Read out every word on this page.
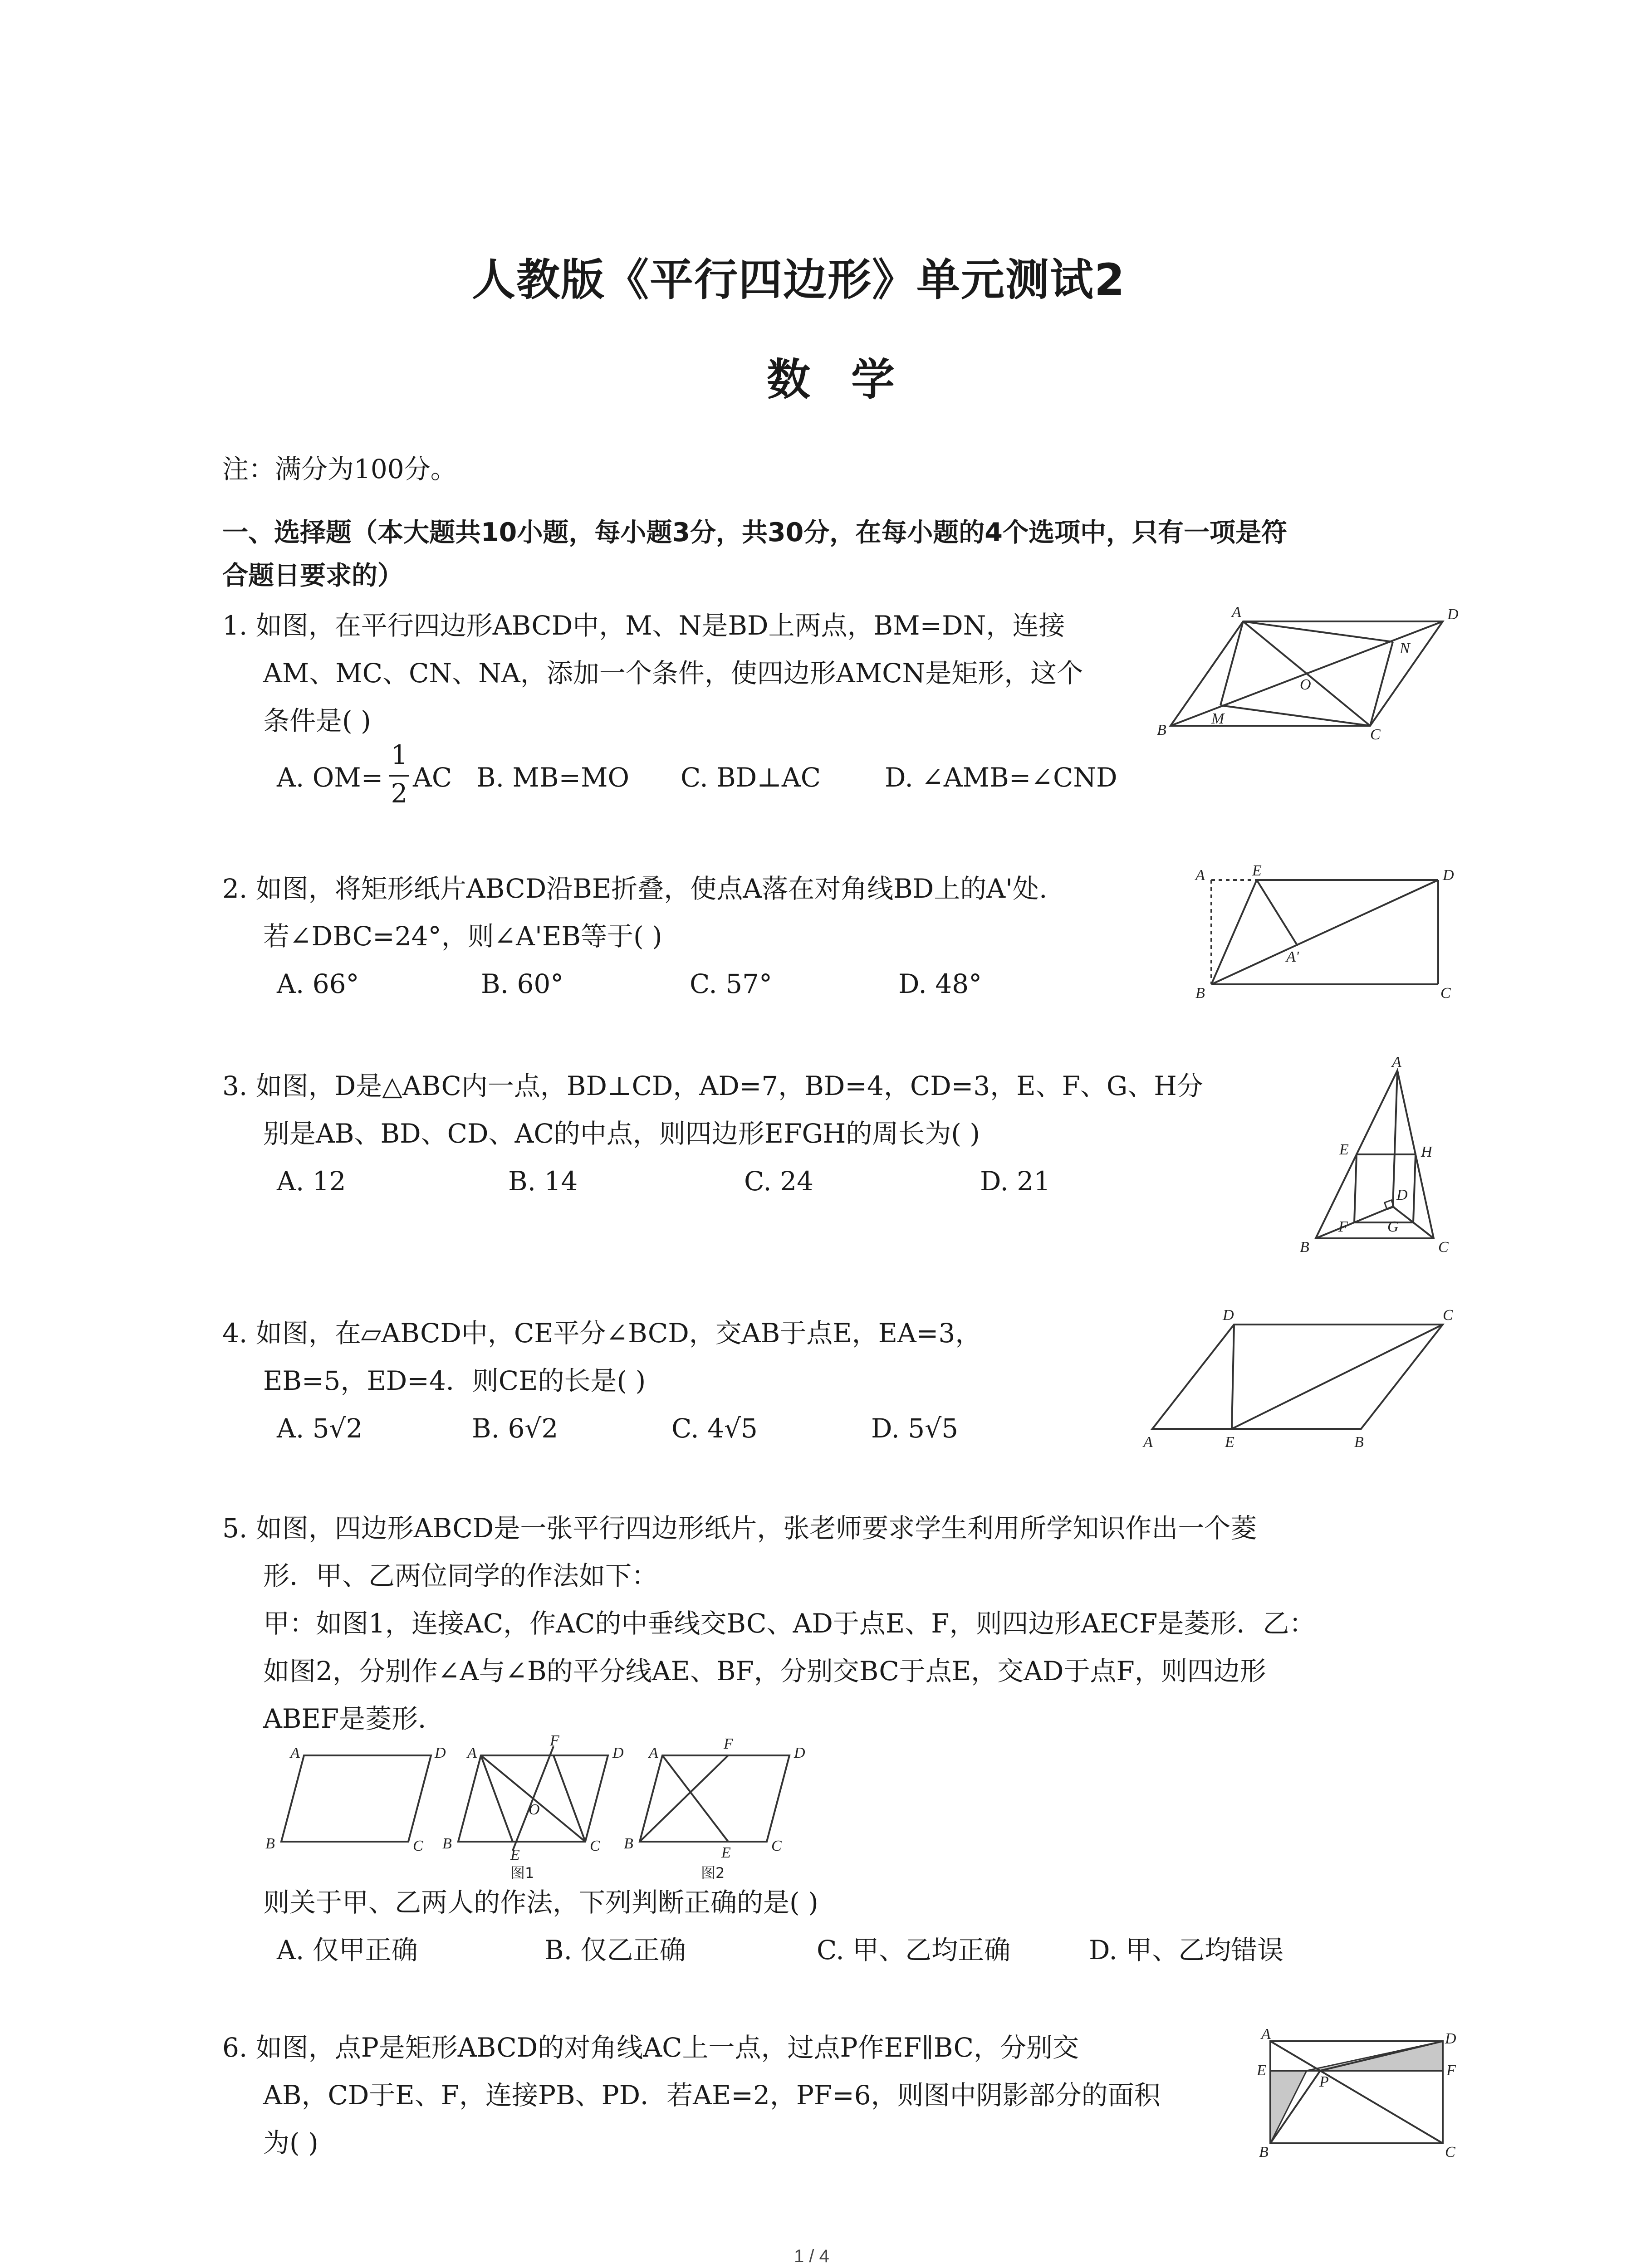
人教版《平行四边形》单元测试2
数学
注：满分为100分。
一、选择题（本大题共10小题，每小题3分，共30分，在每小题的4个选项中，只有一项是符
合题日要求的）
1. 如图，在平行四边形ABCD中，M、N是BD上两点，BM=DN，连接
AM、MC、CN、NA，添加一个条件，使四边形AMCN是矩形，这个
条件是( )
A. OM=
1
2
AC B. MB=MO C. BD⊥AC D. ∠AMB=∠CND
A	D
N
O
B
M
C
2. 如图，将矩形纸片ABCD沿BE折叠，使点A落在对角线BD上的A'处.
若∠DBC=24°，则∠A'EB等于( )
A. 66°	B. 60°	C. 57°	D. 48°
A	E	D
A'
B	C
3. 如图，D是△ABC内一点，BD⊥CD，AD=7，BD=4，CD=3，E、F、G、H分
别是AB、BD、CD、AC的中点，则四边形EFGH的周长为( )
A. 12	B. 14	C. 24	D. 21
A
E	H
D
B
F	G
C
4. 如图，在▱ABCD中，CE平分∠BCD，交AB于点E，EA=3，
EB=5，ED=4．则CE的长是( )
A. 5√2	B. 6√2	C. 4√5	D. 5√5
D	C
A	E	B
5. 如图，四边形ABCD是一张平行四边形纸片，张老师要求学生利用所学知识作出一个菱
形．甲、乙两位同学的作法如下：
甲：如图1，连接AC，作AC的中垂线交BC、AD于点E、F，则四边形AECF是菱形．乙：
如图2，分别作∠A与∠B的平分线AE、BF，分别交BC于点E，交AD于点F，则四边形
ABEF是菱形．
A	D
B	C
A
F
D
O
B
E
C
图1
A
F
D
B
E	C
图2
则关于甲、乙两人的作法，下列判断正确的是( )
A. 仅甲正确	B. 仅乙正确	C. 甲、乙均正确	D. 甲、乙均错误
6. 如图，点P是矩形ABCD的对角线AC上一点，过点P作EF∥BC，分别交
AB，CD于E、F，连接PB、PD．若AE=2，PF=6，则图中阴影部分的面积
为( )
A	D
E	F
P
B	C
1 / 4
